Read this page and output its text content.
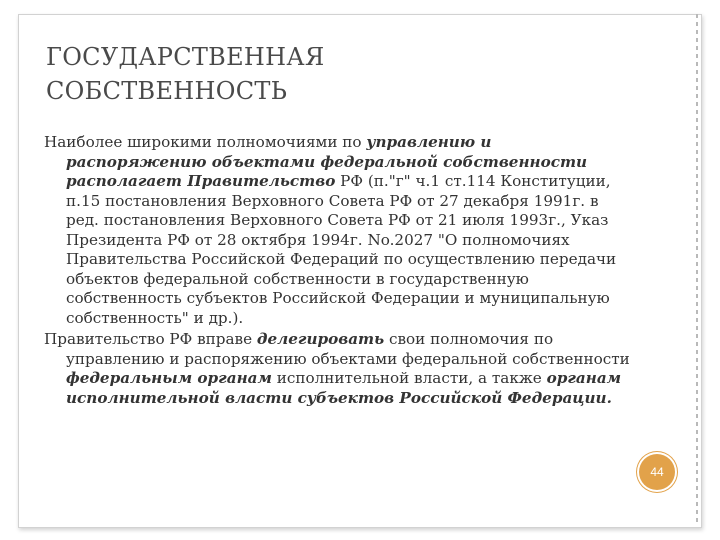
ГОСУДАРСТВЕННАЯ
СОБСТВЕННОСТЬ

Наиболее широкими полномочиями по управлению и распоряжению объектами федеральной собственности располагает Правительство РФ (п."г" ч.1 ст.114 Конституции, п.15 постановления Верховного Совета РФ от 27 декабря 1991г. в ред. постановления Верховного Совета РФ от 21 июля 1993г., Указ Президента РФ от 28 октября 1994г. No.2027 "О полномочиях Правительства Российской Федераций по осуществлению передачи объектов федеральной собственности в государственную собственность субъектов Российской Федерации и муниципальную собственность" и др.).

Правительство РФ вправе делегировать свои полномочия по управлению и распоряжению объектами федеральной собственности федеральным органам исполнительной власти, а также органам исполнительной власти субъектов Российской Федерации.

44
